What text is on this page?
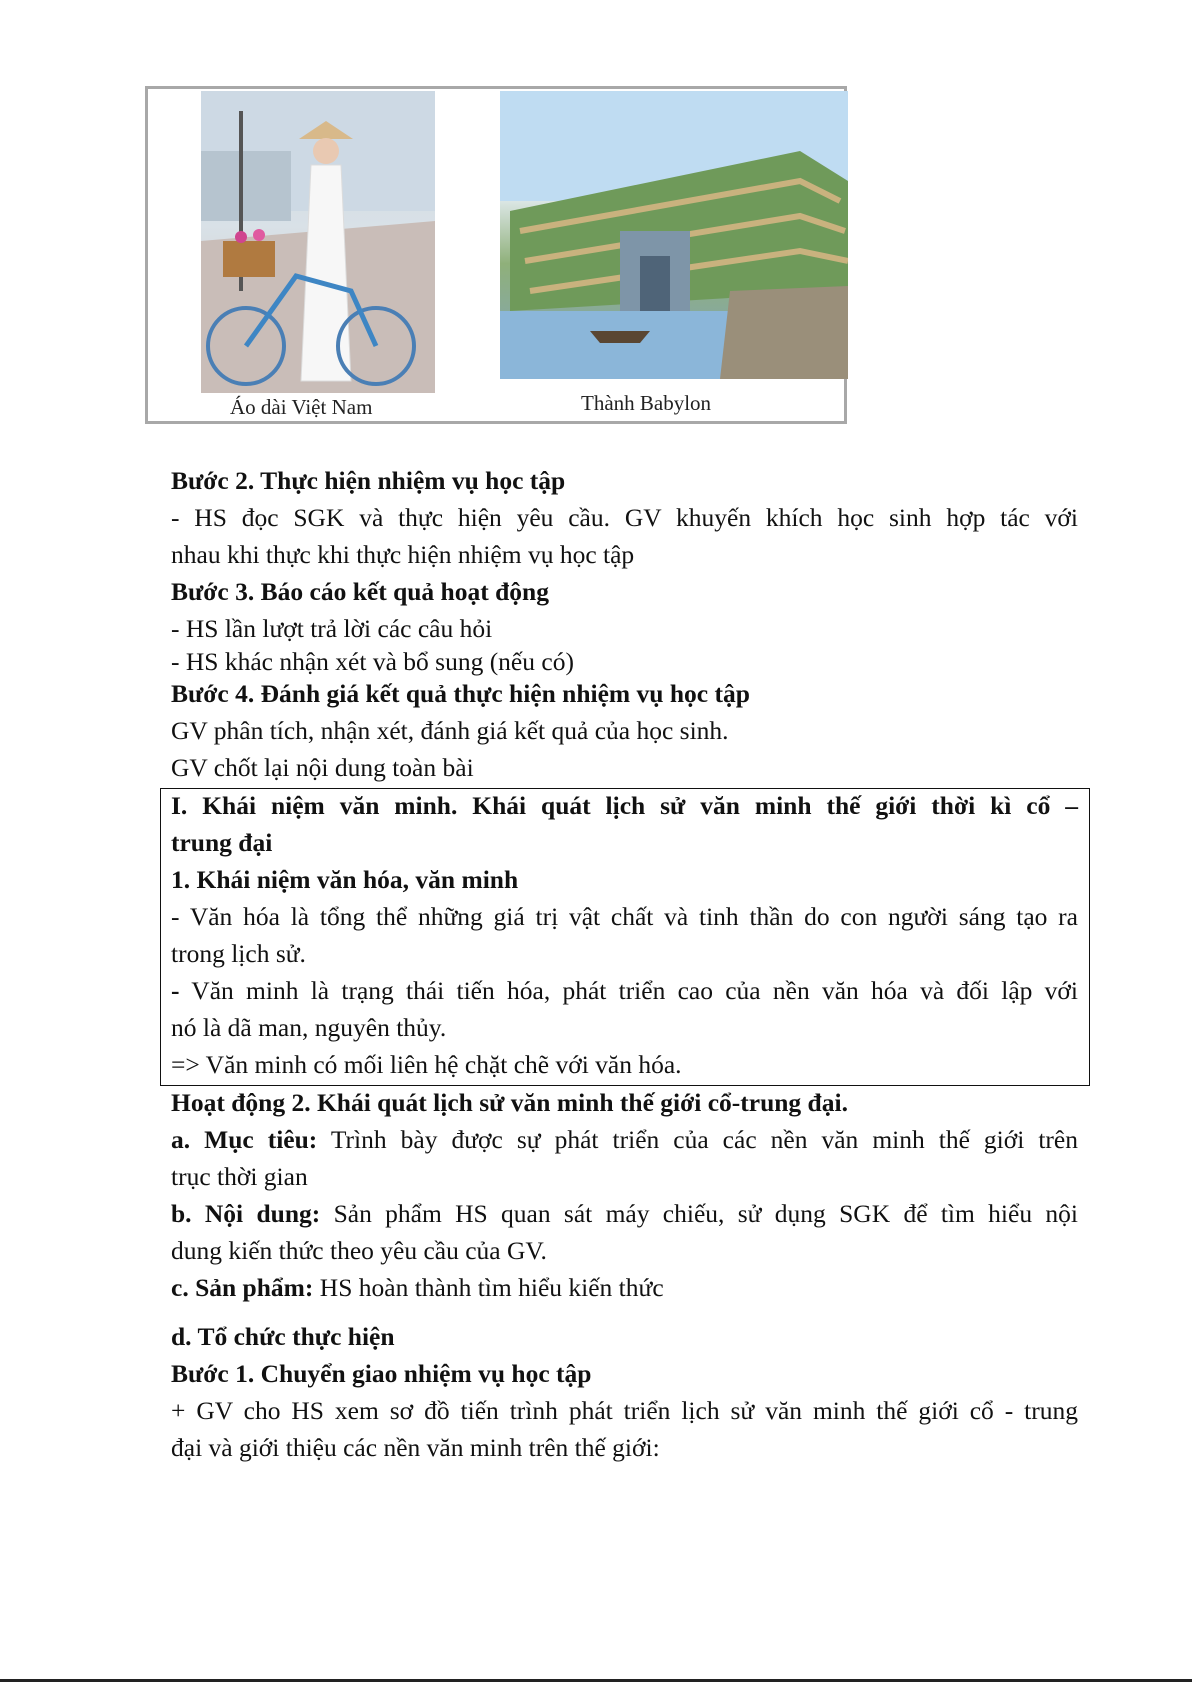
Áo dài Việt Nam	Thành Babylon
Bước 2. Thực hiện nhiệm vụ học tập
- HS đọc SGK và thực hiện yêu cầu. GV khuyến khích học sinh hợp tác với
nhau khi thực khi thực hiện nhiệm vụ học tập
Bước 3. Báo cáo kết quả hoạt động
- HS lần lượt trả lời các câu hỏi
- HS khác nhận xét và bổ sung (nếu có)
Bước 4. Đánh giá kết quả thực hiện nhiệm vụ học tập
GV phân tích, nhận xét, đánh giá kết quả của học sinh.
GV chốt lại nội dung toàn bài
I. Khái niệm văn minh. Khái quát lịch sử văn minh thế giới thời kì cổ –
trung đại
1. Khái niệm văn hóa, văn minh
- Văn hóa là tổng thể những giá trị vật chất và tinh thần do con người sáng tạo ra
trong lịch sử.
- Văn minh là trạng thái tiến hóa, phát triển cao của nền văn hóa và đối lập với
nó là dã man, nguyên thủy.
=> Văn minh có mối liên hệ chặt chẽ với văn hóa.
Hoạt động 2. Khái quát lịch sử văn minh thế giới cổ-trung đại.
a. Mục tiêu: Trình bày được sự phát triển của các nền văn minh thế giới trên
trục thời gian
b. Nội dung: Sản phẩm HS quan sát máy chiếu, sử dụng SGK để tìm hiểu nội
dung kiến thức theo yêu cầu của GV.
c. Sản phẩm: HS hoàn thành tìm hiểu kiến thức
d. Tổ chức thực hiện
Bước 1. Chuyển giao nhiệm vụ học tập
+ GV cho HS xem sơ đồ tiến trình phát triển lịch sử văn minh thế giới cổ - trung
đại và giới thiệu các nền văn minh trên thế giới:
